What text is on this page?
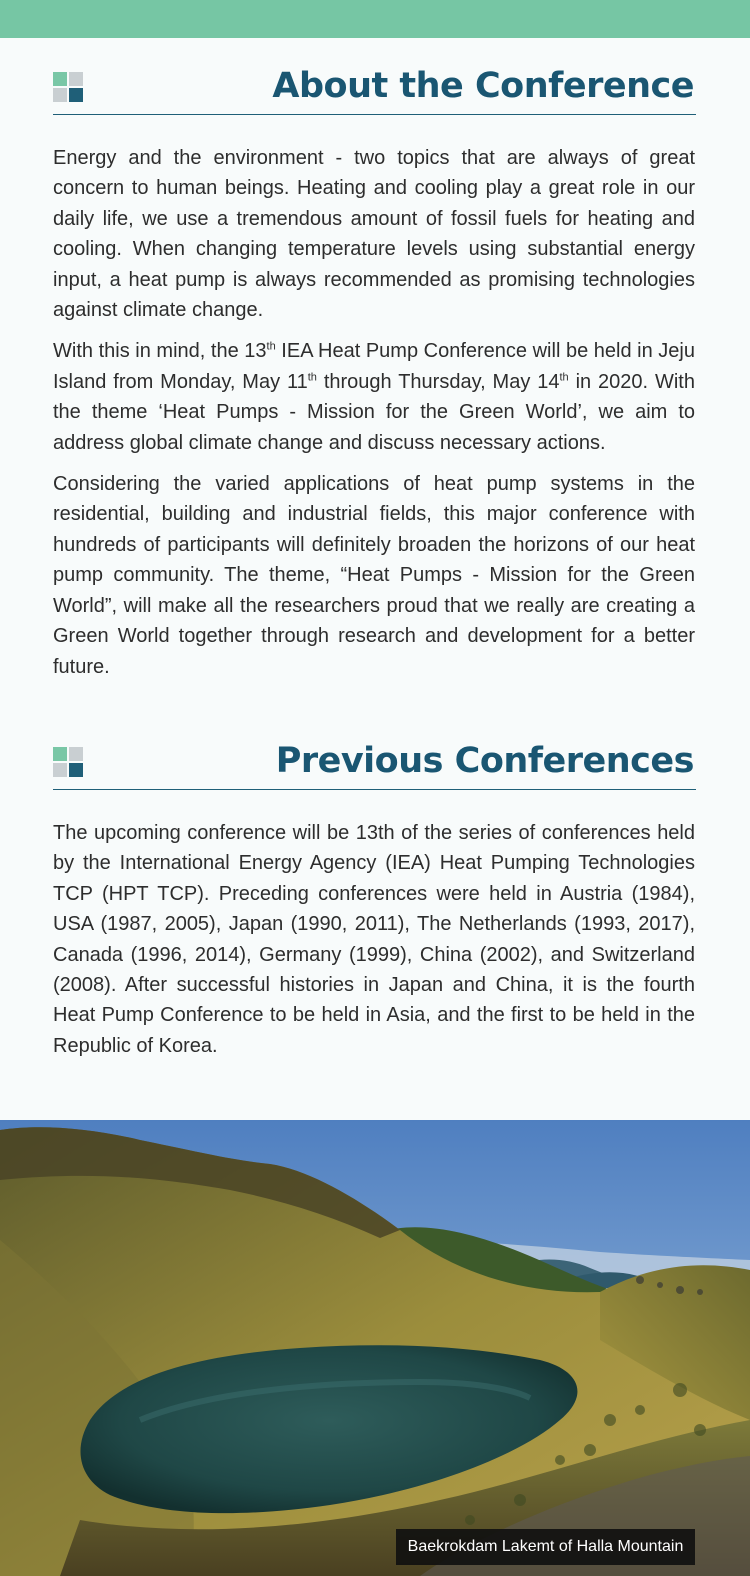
About the Conference

Energy and the environment - two topics that are always of great concern to human beings. Heating and cooling play a great role in our daily life, we use a tremendous amount of fossil fuels for heating and cooling. When changing temperature levels using substantial energy input, a heat pump is always recommended as promising technologies against climate change.

With this in mind, the 13th IEA Heat Pump Conference will be held in Jeju Island from Monday, May 11th through Thursday, May 14th in 2020. With the theme ‘Heat Pumps - Mission for the Green World’, we aim to address global climate change and discuss necessary actions.

Considering the varied applications of heat pump systems in the residential, building and industrial fields, this major conference with hundreds of participants will definitely broaden the horizons of our heat pump community. The theme, “Heat Pumps - Mission for the Green World”, will make all the researchers proud that we really are creating a Green World together through research and development for a better future.

Previous Conferences

The upcoming conference will be 13th of the series of conferences held by the International Energy Agency (IEA) Heat Pumping Technologies TCP (HPT TCP). Preceding conferences were held in Austria (1984), USA (1987, 2005), Japan (1990, 2011), The Netherlands (1993, 2017), Canada (1996, 2014), Germany (1999), China (2002), and Switzerland (2008). After successful histories in Japan and China, it is the fourth Heat Pump Conference to be held in Asia, and the first to be held in the Republic of Korea.

Baekrokdam Lakemt of Halla Mountain
